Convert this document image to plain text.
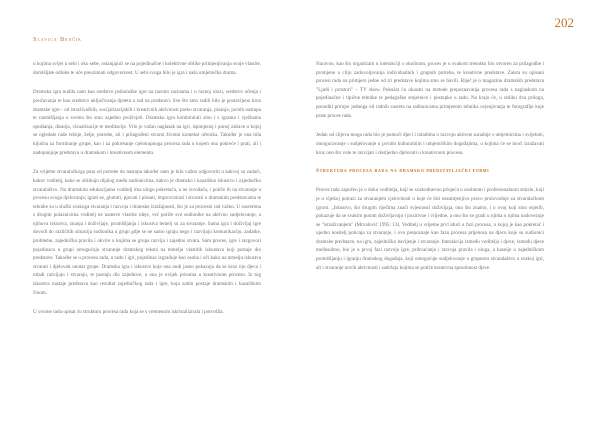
Slavica Benčik

202

u kojima svijet u sebi i oko sebe, oslanjajući se na pojedinačne i kolektivne oblike primjenjivanja svoje vlastite, domišljate odluke te uče preuzimati odgovornost. U sebi svoga bilo je igra i naša umjetnička drama.

Dramska igra nudila nam kao sredstvo psihološke igre na raznim razinama i u raznoj ulozi, sredstvo učenja i poučavanja te kao sredstvo uključivanja djeteta u rad na predstavi. Sve što smo radili bilo je postavljeno kroz dramske igre - od istraživačkih, socijalizacijskih i kreativnih aktivnosti preko stvaranja, pisanja, javnih nastupa te razmišljanja o svemu što smo zajedno proživjeli. Dramsku igru kombinirali smo i s igrama i vježbama opuštanja, disanja, vizualizacije te meditacije. Vrlo je važan naglasak na igri, ispunjenoj i punoj zabave u kojoj se ogledale naše težnje, želje, potrebe, ali i prilagođeni stvarni životni kontekst učenika. Također je ona bila ključna za formiranje grupe, kao i za pokretanje cjelokupnoga procesa rada u kojem ona pokreće i prati, ali i nadopunjuje predstavu u dramskom i kreativnom elementu.

Za vrijeme stvaralačkoga puta od potrebe do nastupa također nam je bilo važno odgovoriti u kakvoj su zadaći, kakav voditelj, kako se oblikuju dijalog među sudionicima, kakvo je dramsko i kazališno iskustvo i zajedničko stvaralaštvo. Na dramskim edukacijama voditelj ima ulogu pokretača, a ne izvođača, i potiče ih na stvaranje u procesu svoga djelovanja; igrati se, glumiti, pjevati i plesati, improvizirati i stvarati u dramskim predstavama te tehnike su u službi svakoga stvaranja i razvoja i dramske izražajnosti, što je za procesni rad važno. U susretima s drugim polaznicima voditelj ne nameće vlastite ideje, već potiče sve sudionike na aktivno sudjelovanje, a njihova iskustva, znanja i doživljaje, promišljanja i iskustva temelj su za stvaranje. Sama igra i doživljaj igre dovodi do različitih situacija sudionika u grupi gdje se ne samo igraju nego i razvijaju komunikaciju, zadatke, probleme, zajednička pravila i okvire u kojima se grupa razvija i zajedno stvara. Sam proces, igre i razgovori pojedinaca u grupi omogućuju stvaranje dramskog teksta na temelju vlastitih iskustava koji postaje dio predstave. Također se u procesu rada, u radu i igri, pojedinac izgrađuje kao osoba i uči kako na temelju iskustva stvarati i djelovati unutar grupe. Dramska igra i iskustvo koje ona nudi jasno pokazuju da se kroz nju djeca i mladi razvijaju i stvaraju, te postaju dio zajednice, a ona je uvijek prisutna u kreativnom procesu. Iz tog iskustva nastaje predstava kao rezultat zajedničkog rada i igre, koja zatim postaje dramskim i kazališnim činom.

U ovome radu opisat ću strukturu procesa rada koja se s vremenom iskristalizirala i potvrdila.

Naravno, kao što organizam u interakciji s okolinom, proces je u svakom trenutku bio otvoren za prilagodbe i promjene u cilju zadovoljavanja individualnih i grupnih potreba, te kreativne predstave. Zaista su opisani procesi rada na primjeru jedne od tri predstave kojima smo se bavili. Riječ je o magazinu dramskih predstava "Ljudi i prostori" – TV show. Pokušat ću ukazati na metode prepoznavanja procesa rada s naglaskom na pojedinačne i tipične tehnike te pedagoške smjernice i postupke u radu. Na kraju će, u obliku dva priloga, ponuditi primjer jednoga od radnih susreta na radionicama primjenom tehnika ocjenjivanja te fotografije koje prate proces rada.

Jedan od ciljeva moga rada bio je pomoći djeci i mladima u razvoju aktivne suradnje s umjetnicima i svijetom, omogućavanje i sudjelovanje u javnim kulturalnim i umjetničkim događajima, u kojima će se moći izražavati kroz ono što vole te razvijati i dosljedno djelovati u kreativnom procesu.

Struktura procesa rada na dramsko predstavljački formi

Proces rada započeo je u duhu voditelja, koji se svakodnevno prisjeća u osobnom i profesionalnom smislu, koji je u vijekoj potrazi za stvaranjem cjelovitosti u koje će biti nezamjenjivo pravo proizvodnje za stvaralačkom igrom. „Iskustvo, što drugim riječima znači svjesnosti doživljaja, ono što znamo, i u ovoj koji smo osjetili, pokazuje da se svakim putom doživljavaju i pozitivne i vrijedne, a ono što se gradi u njima u njima nadovezuje se "istraživanjem" (Mrvalović 1995: 13). Voditelj u vrijeme prvi idući u fazi procesa, u kojoj je kao pokretač i ujedno nositelj poticaja za stvaranje, i ovo prepoznaje kao fazu procesa prijenosa na djecu koje su sudionici dramske predstave, na igru, zajedničko bavljenje i stvaranje. Interakcija između voditelja i djece, između djece međusobno, bio je u prvoj fazi razvoja igre, prihvaćanja i razvoja pravila i uloga, a kasnije u zajedničkom promišljanju i igranju dramskog događaja, koji omogućuje sudjelovanje u grupnom stvaralaštvu u svakoj igri, ali i stvaranje novih aktivnosti i sadržaja kojima se potiče kreativna sposobnost djece.
